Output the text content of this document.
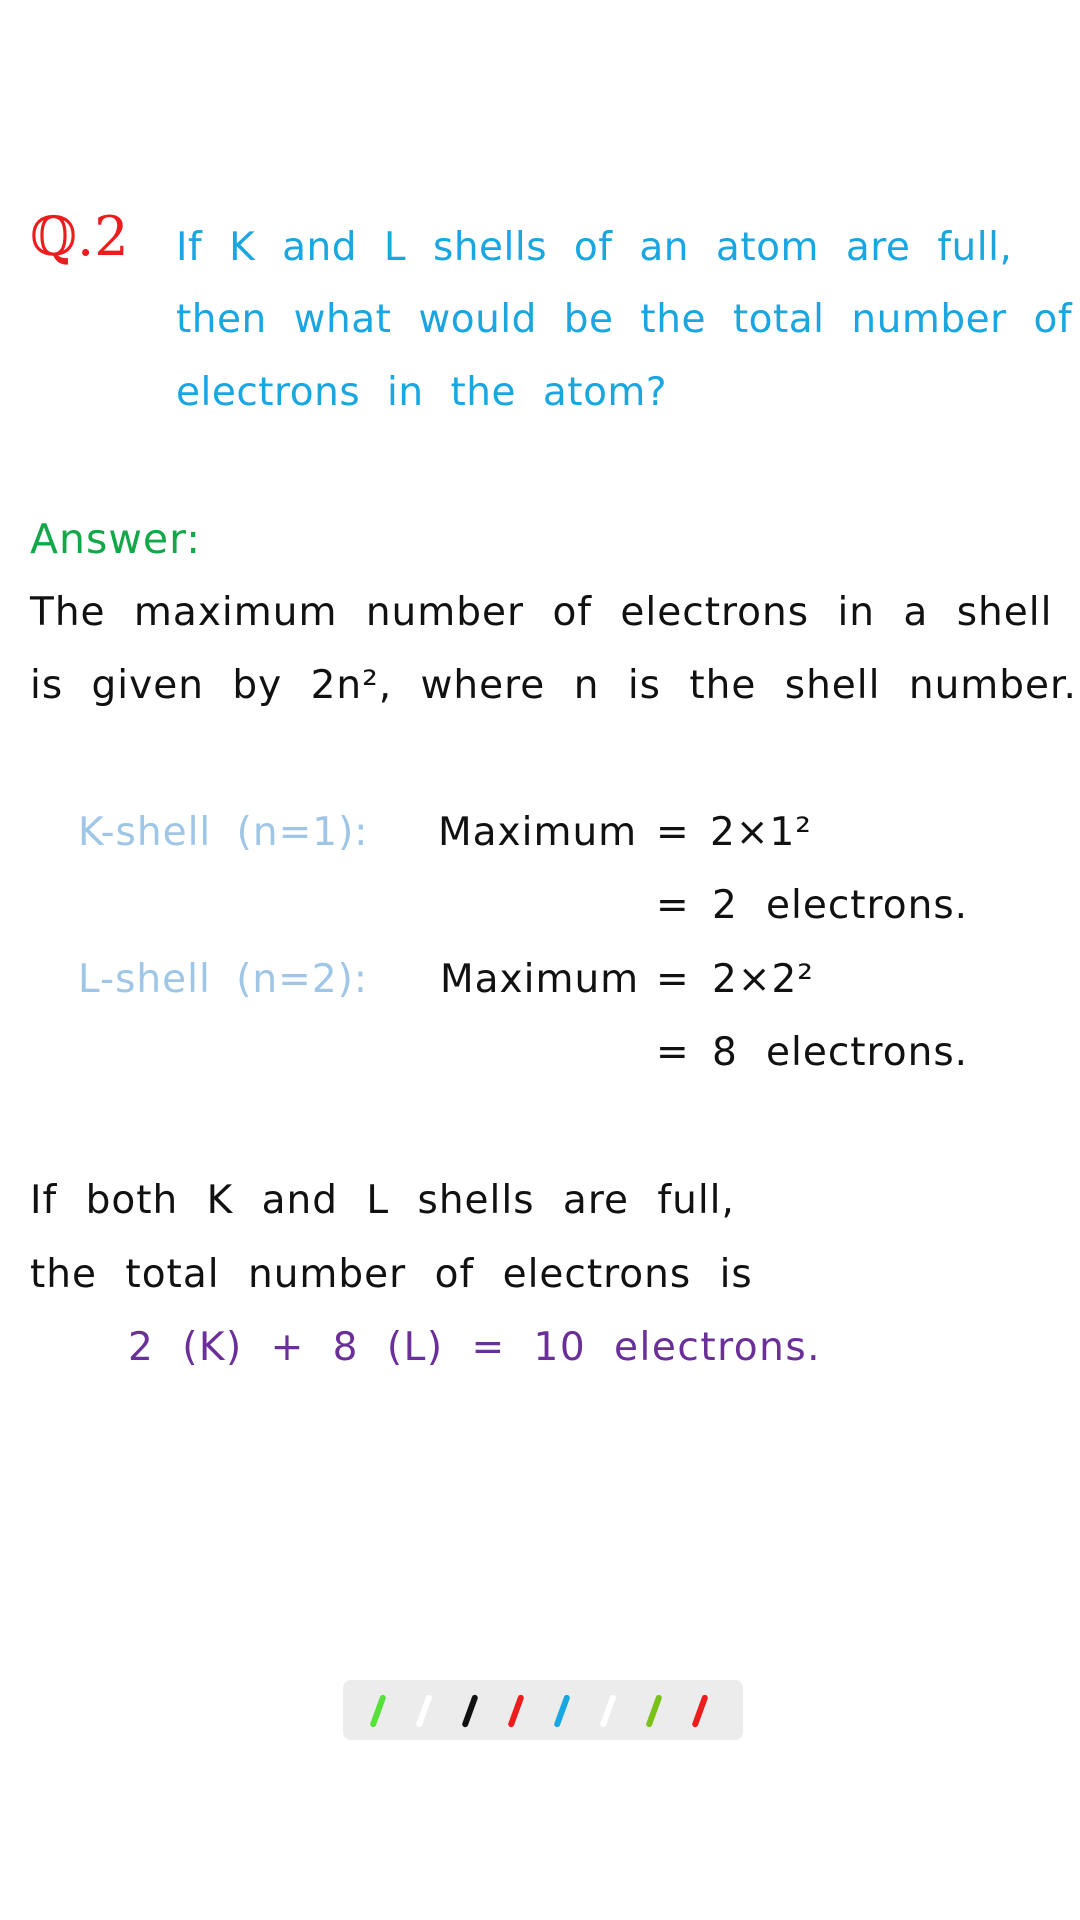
ℚ.2 If K and L shells of an atom are full,
then what would be the total number of
electrons in the atom?
Answer:
The maximum number of electrons in a shell
is given by 2n², where n is the shell number.
K-shell (n=1): Maximum = 2×1²
= 2 electrons.
L-shell (n=2): Maximum = 2×2²
= 8 electrons.
If both K and L shells are full,
the total number of electrons is
2 (K) + 8 (L) = 10 electrons.
